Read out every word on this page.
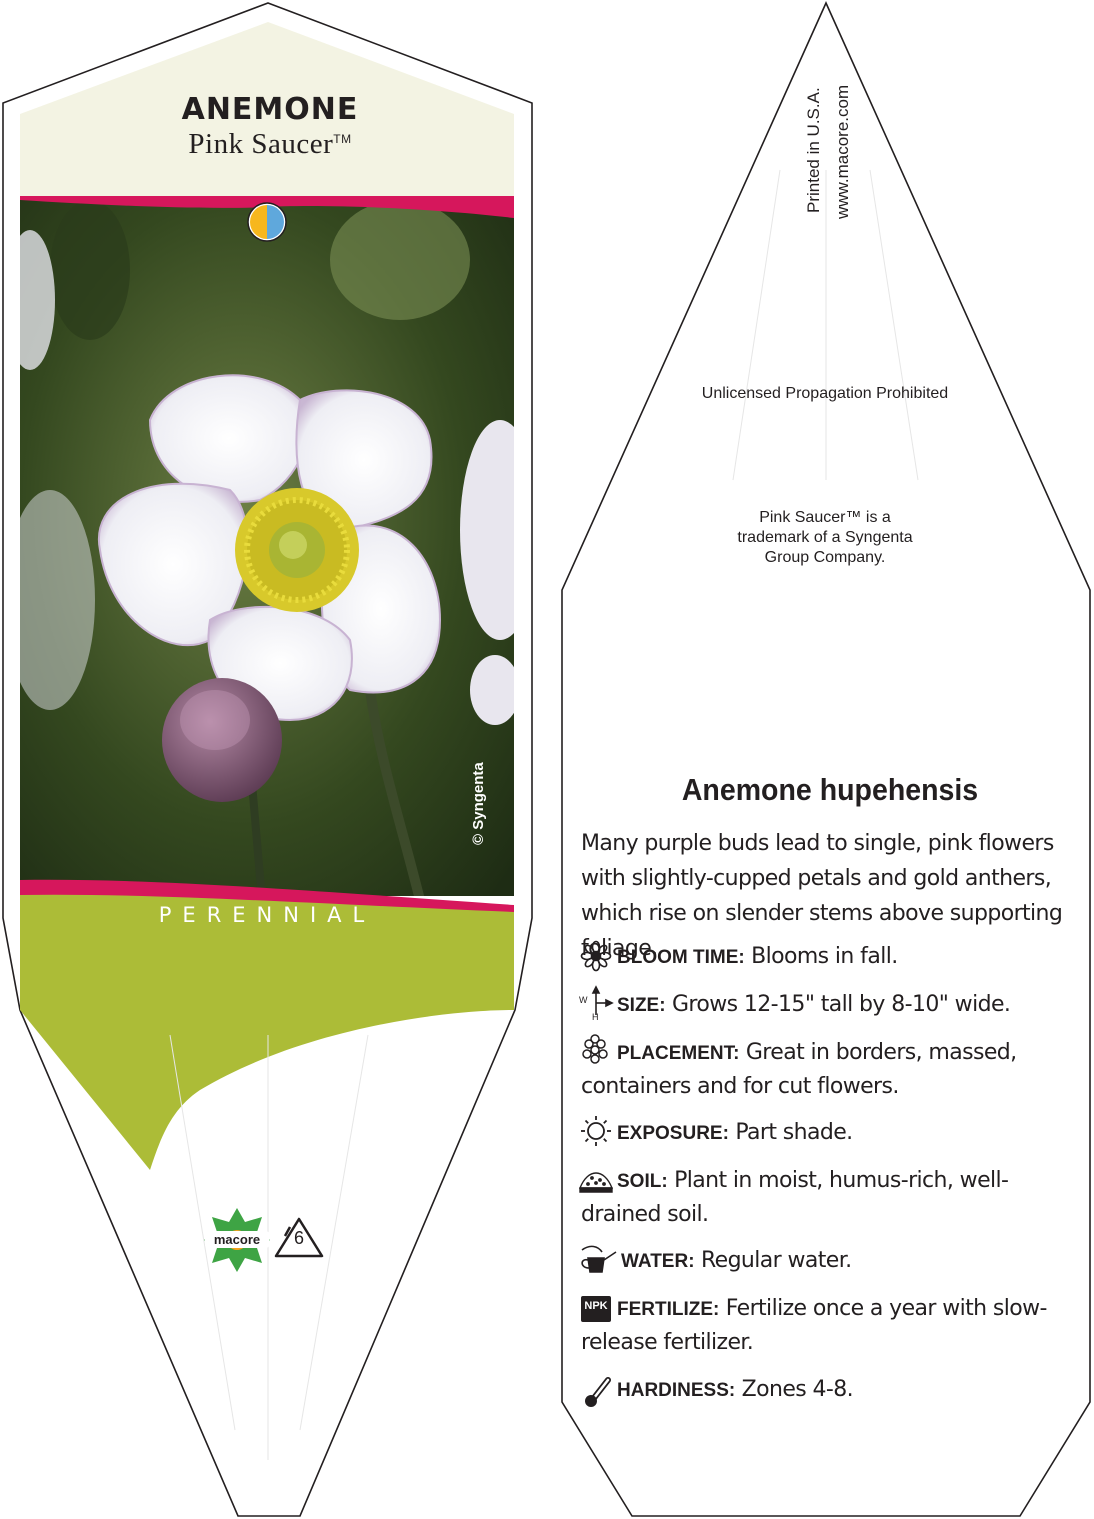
ANEMONE
Pink Saucer™
© Syngenta
PERENNIAL
macore	6
Printed in U.S.A. www.macore.com
Unlicensed Propagation Prohibited
Pink Saucer™ is a
trademark of a Syngenta
Group Company.
Anemone hupehensis
Many purple buds lead to single, pink flowers with slightly-cupped petals and gold anthers, which rise on slender stems above supporting foliage.
BLOOM TIME: Blooms in fall.
SIZE: Grows 12-15" tall by 8-10" wide.
W
H
PLACEMENT: Great in borders, massed, containers and for cut flowers.
EXPOSURE: Part shade.
SOIL: Plant in moist, humus-rich, well-drained soil.
WATER: Regular water.
FERTILIZE: Fertilize once a year with slow-release fertilizer.
NPK
HARDINESS: Zones 4-8.
